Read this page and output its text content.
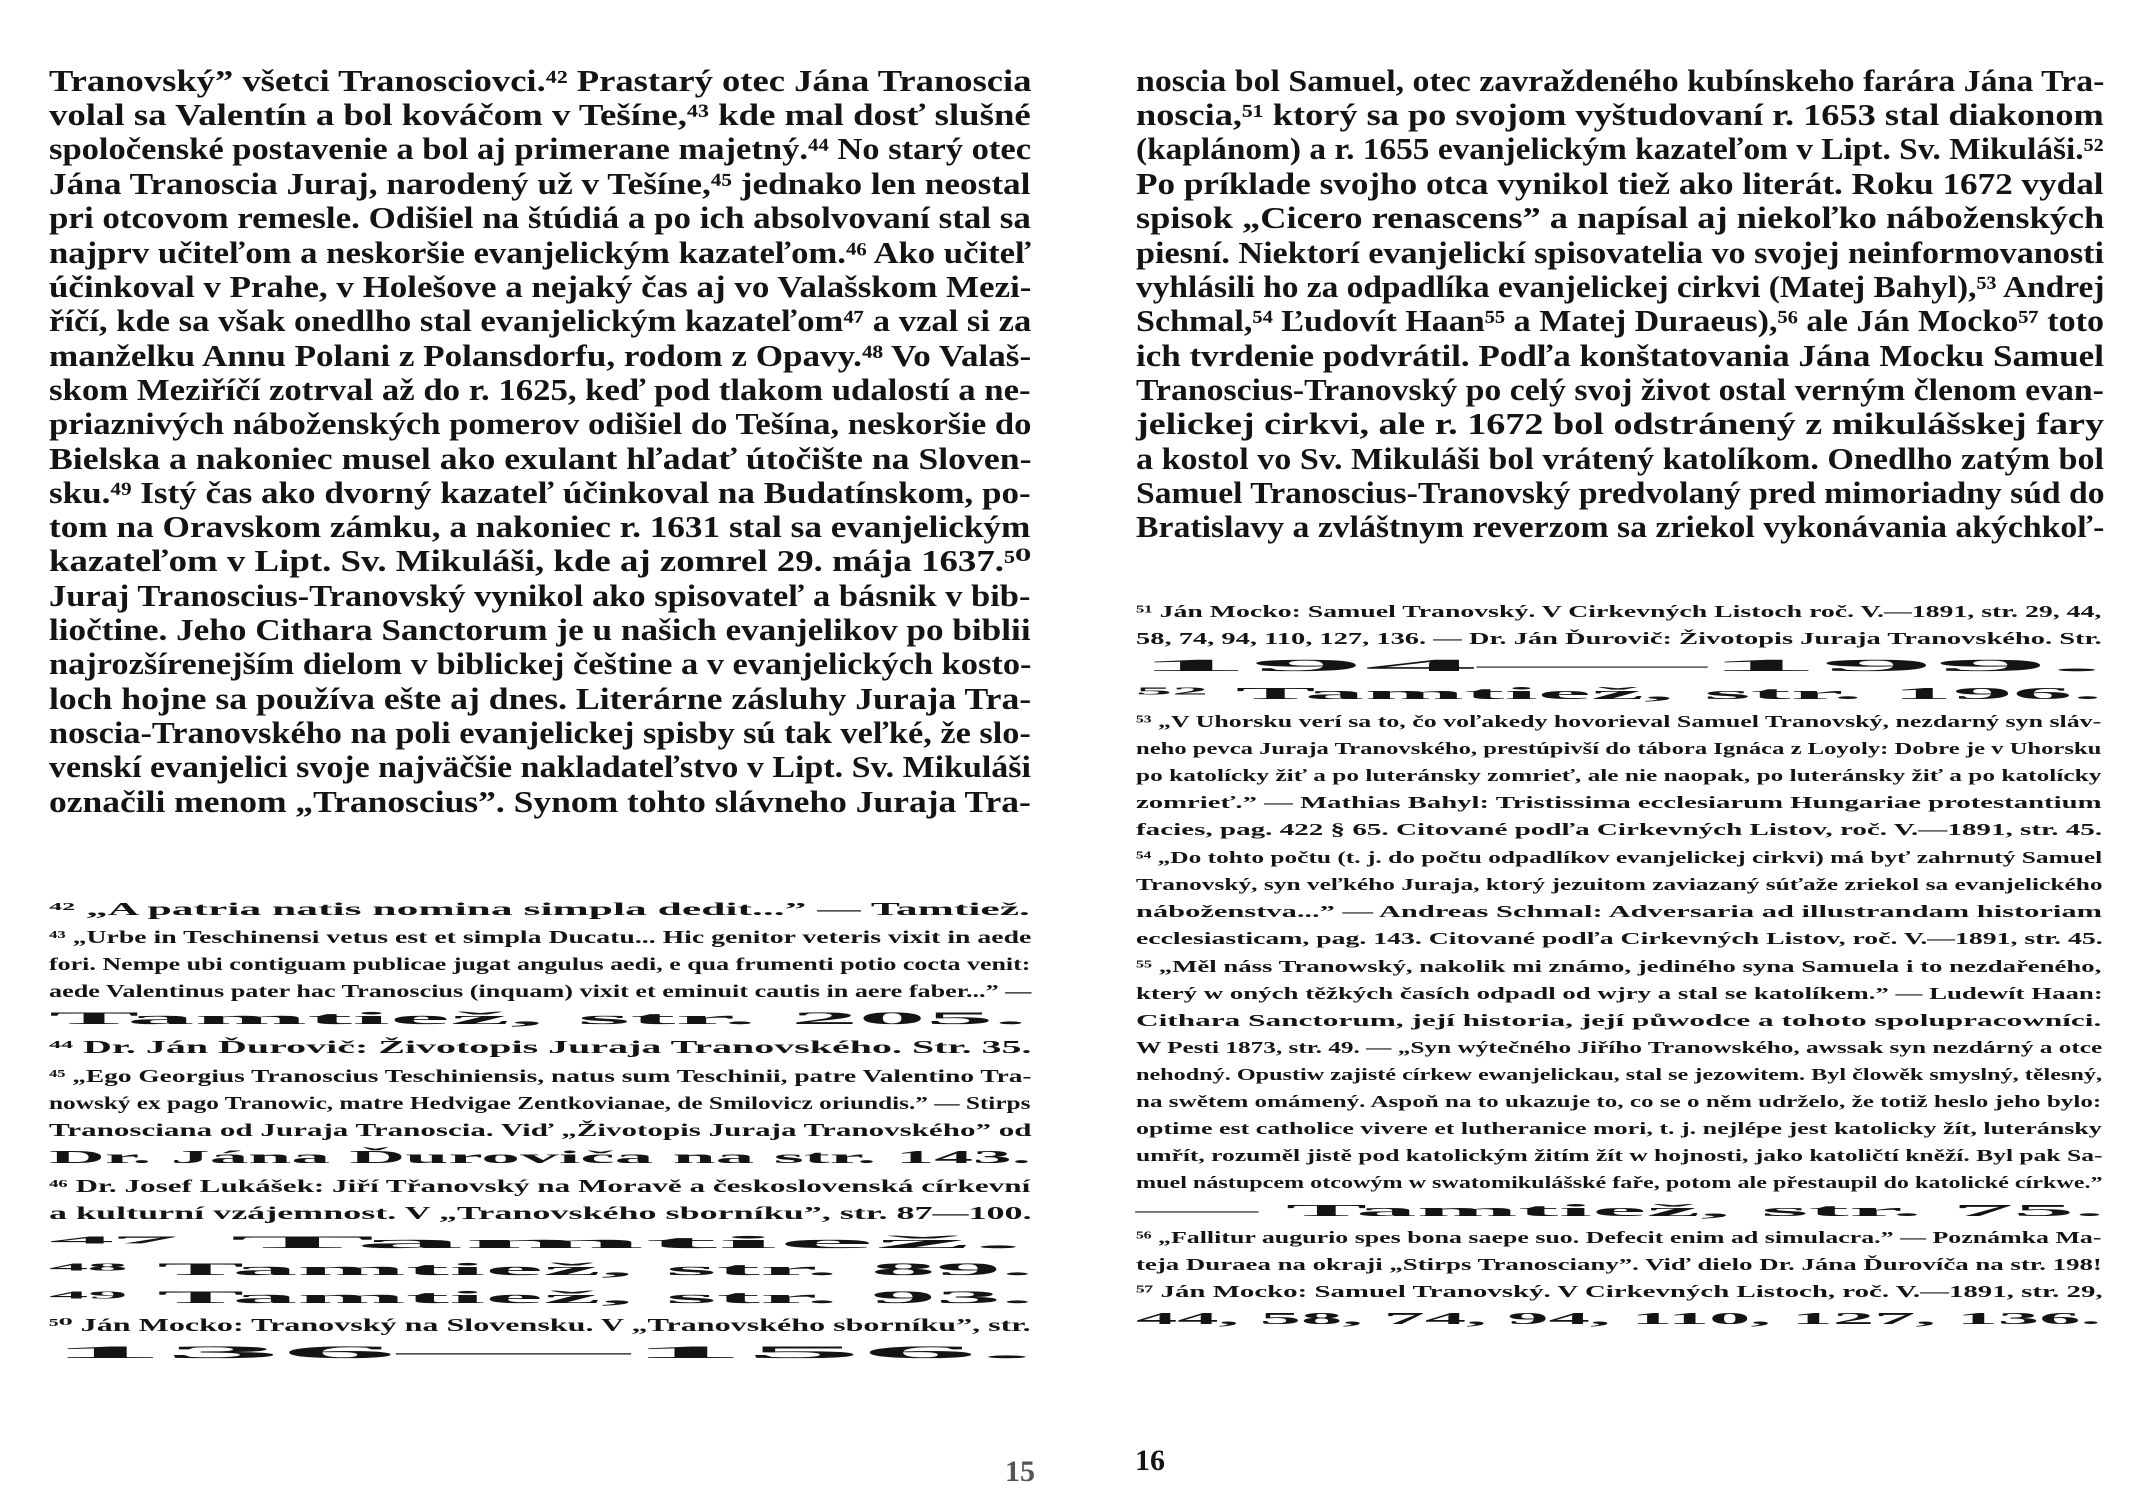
Tranovský” všetci Tranosciovci.⁴² Prastarý otec Jána Tranoscia
volal sa Valentín a bol kováčom v Tešíne,⁴³ kde mal dosť slušné
spoločenské postavenie a bol aj primerane majetný.⁴⁴ No starý otec
Jána Tranoscia Juraj, narodený už v Tešíne,⁴⁵ jednako len neostal
pri otcovom remesle. Odišiel na štúdiá a po ich absolvovaní stal sa
najprv učiteľom a neskoršie evanjelickým kazateľom.⁴⁶ Ako učiteľ
účinkoval v Prahe, v Holešove a nejaký čas aj vo Valašskom Mezi-
říčí, kde sa však onedlho stal evanjelickým kazateľom⁴⁷ a vzal si za
manželku Annu Polani z Polansdorfu, rodom z Opavy.⁴⁸ Vo Valaš-
skom Meziříčí zotrval až do r. 1625, keď pod tlakom udalostí a ne-
priaznivých náboženských pomerov odišiel do Tešína, neskoršie do
Bielska a nakoniec musel ako exulant hľadať útočište na Sloven-
sku.⁴⁹ Istý čas ako dvorný kazateľ účinkoval na Budatínskom, po-
tom na Oravskom zámku, a nakoniec r. 1631 stal sa evanjelickým
kazateľom v Lipt. Sv. Mikuláši, kde aj zomrel 29. mája 1637.⁵⁰
Juraj Tranoscius-Tranovský vynikol ako spisovateľ a básnik v bib-
liočtine. Jeho Cithara Sanctorum je u našich evanjelikov po biblii
najrozšírenejším dielom v biblickej češtine a v evanjelických kosto-
loch hojne sa používa ešte aj dnes. Literárne zásluhy Juraja Tra-
noscia-Tranovského na poli evanjelickej spisby sú tak veľké, že slo-
venskí evanjelici svoje najväčšie nakladateľstvo v Lipt. Sv. Mikuláši
označili menom „Tranoscius”. Synom tohto slávneho Juraja Tra-
⁴² „A patria natis nomina simpla dedit...” — Tamtiež.
⁴³ „Urbe in Teschinensi vetus est et simpla Ducatu... Hic genitor veteris vixit in aede
fori. Nempe ubi contiguam publicae jugat angulus aedi, e qua frumenti potio cocta venit:
aede Valentinus pater hac Tranoscius (inquam) vixit et eminuit cautis in aere faber...” —
Tamtiež, str. 205.
⁴⁴ Dr. Ján Ďurovič: Životopis Juraja Tranovského. Str. 35.
⁴⁵ „Ego Georgius Tranoscius Teschiniensis, natus sum Teschinii, patre Valentino Tra-
nowský ex pago Tranowic, matre Hedvigae Zentkovianae, de Smilovicz oriundis.” — Stirps
Tranosciana od Juraja Tranoscia. Viď „Životopis Juraja Tranovského” od
Dr. Jána Ďuroviča na str. 143.
⁴⁶ Dr. Josef Lukášek: Jiří Třanovský na Moravě a československá církevní
a kulturní vzájemnost. V „Tranovského sborníku”, str. 87—100.
⁴⁷ Tamtiež.
⁴⁸ Tamtiež, str. 89.
⁴⁹ Tamtiež, str. 93.
⁵⁰ Ján Mocko: Tranovský na Slovensku. V „Tranovského sborníku”, str.
136—156.
15
noscia bol Samuel, otec zavraždeného kubínskeho farára Jána Tra-
noscia,⁵¹ ktorý sa po svojom vyštudovaní r. 1653 stal diakonom
(kaplánom) a r. 1655 evanjelickým kazateľom v Lipt. Sv. Mikuláši.⁵²
Po príklade svojho otca vynikol tiež ako literát. Roku 1672 vydal
spisok „Cicero renascens” a napísal aj niekoľko náboženských
piesní. Niektorí evanjelickí spisovatelia vo svojej neinformovanosti
vyhlásili ho za odpadlíka evanjelickej cirkvi (Matej Bahyl),⁵³ Andrej
Schmal,⁵⁴ Ľudovít Haan⁵⁵ a Matej Duraeus),⁵⁶ ale Ján Mocko⁵⁷ toto
ich tvrdenie podvrátil. Podľa konštatovania Jána Mocku Samuel
Tranoscius-Tranovský po celý svoj život ostal verným členom evan-
jelickej cirkvi, ale r. 1672 bol odstránený z mikulášskej fary
a kostol vo Sv. Mikuláši bol vrátený katolíkom. Onedlho zatým bol
Samuel Tranoscius-Tranovský predvolaný pred mimoriadny súd do
Bratislavy a zvláštnym reverzom sa zriekol vykonávania akýchkoľ-
⁵¹ Ján Mocko: Samuel Tranovský. V Cirkevných Listoch roč. V.—1891, str. 29, 44,
58, 74, 94, 110, 127, 136. — Dr. Ján Ďurovič: Životopis Juraja Tranovského. Str.
194—199.
⁵² Tamtiež, str. 196.
⁵³ „V Uhorsku verí sa to, čo voľakedy hovorieval Samuel Tranovský, nezdarný syn sláv-
neho pevca Juraja Tranovského, prestúpivší do tábora Ignáca z Loyoly: Dobre je v Uhorsku
po katolícky žiť a po luteránsky zomrieť, ale nie naopak, po luteránsky žiť a po katolícky
zomrieť.” — Mathias Bahyl: Tristissima ecclesiarum Hungariae protestantium
facies, pag. 422 § 65. Citované podľa Cirkevných Listov, roč. V.—1891, str. 45.
⁵⁴ „Do tohto počtu (t. j. do počtu odpadlíkov evanjelickej cirkvi) má byť zahrnutý Samuel
Tranovský, syn veľkého Juraja, ktorý jezuitom zaviazaný súťaže zriekol sa evanjelického
náboženstva...” — Andreas Schmal: Adversaria ad illustrandam historiam
ecclesiasticam, pag. 143. Citované podľa Cirkevných Listov, roč. V.—1891, str. 45.
⁵⁵ „Měl náss Tranowský, nakolik mi známo, jediného syna Samuela i to nezdařeného,
který w oných těžkých časích odpadl od wjry a stal se katolíkem.” — Ludewít Haan:
Cithara Sanctorum, její historia, její půwodce a tohoto spolupracowníci.
W Pesti 1873, str. 49. — „Syn wýtečného Jiřího Tranowského, awssak syn nezdárný a otce
nehodný. Opustiw zajisté církew ewanjelickau, stal se jezowitem. Byl člowěk smyslný, tělesný,
na swětem omámený. Aspoň na to ukazuje to, co se o něm udrželo, že totiž heslo jeho bylo:
optime est catholice vivere et lutheranice mori, t. j. nejlépe jest katolicky žít, luteránsky
umřít, rozuměl jistě pod katolickým žitím žít w hojnosti, jako katoličtí kněží. Byl pak Sa-
muel nástupcem otcowým w swatomikulášské faře, potom ale přestaupil do katolické církwe.”
— Tamtiež, str. 75.
⁵⁶ „Fallitur augurio spes bona saepe suo. Defecit enim ad simulacra.” — Poznámka Ma-
teja Duraea na okraji „Stirps Tranosciany”. Viď dielo Dr. Jána Ďurovíča na str. 198!
⁵⁷ Ján Mocko: Samuel Tranovský. V Cirkevných Listoch, roč. V.—1891, str. 29,
44, 58, 74, 94, 110, 127, 136.
16
